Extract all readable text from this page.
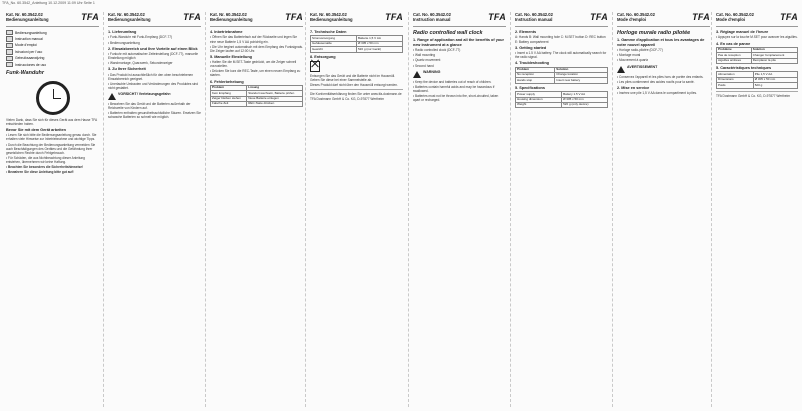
TFA_No. 60.3542_Anleitung 10.12.2009 11:09 Uhr Seite 1
Kat. Nr. 60.3542.02
Bedienungsanleitung	TFA
Bedienungsanleitung
Instruction manual
Mode d'emploi
Istruzioni per l'uso
Gebruiksaanwijzing
Instrucciones de uso
Funk-Wanduhr
Vielen Dank, dass Sie sich für dieses Gerät aus dem Hause TFA entschieden haben.
Bevor Sie mit dem Gerät arbeiten
• Lesen Sie sich bitte die Bedienungsanleitung genau durch. Sie erhalten viele Hinweise zur Inbetriebnahme und wichtige Tipps.
• Durch die Beachtung der Bedienungsanleitung vermeiden Sie auch Beschädigungen des Gerätes und die Gefährdung Ihrer gesetzlichen Rechte durch Fehlgebrauch.
• Für Schäden, die aus Nichtbeachtung dieser Anleitung entstehen, übernehmen wir keine Haftung.
• Beachten Sie besonders die Sicherheitshinweise!
• Bewahren Sie diese Anleitung bitte gut auf!
Kat. Nr. 60.3542.02
Bedienungsanleitung	TFA
1. Lieferumfang
• Funk-Wanduhr mit Funk-Empfang (DCF-77)
• Bedienungsanleitung
2. Einsatzbereich und Ihre Vorteile auf einen Blick
• Funkuhr mit automatischer Zeiteinstellung (DCF-77), manuelle Einstellung möglich
• Wandmontage, Quarzwerk, Sekundenzeiger
3. Zu Ihrer Sicherheit
• Das Produkt ist ausschließlich für den oben beschriebenen Einsatzbereich geeignet.
• Unerlaubte Umbauten und Veränderungen des Produktes sind nicht gestattet.
VORSICHT! Verletzungsgefahr:
• Bewahren Sie das Gerät und die Batterien außerhalb der Reichweite von Kindern auf.
• Batterien enthalten gesundheitsschädliche Säuren. Ersetzen Sie schwache Batterien so schnell wie möglich.
Kat. Nr. 60.3542.02
Bedienungsanleitung	TFA
4. Inbetriebnahme
• Öffnen Sie das Batteriefach auf der Rückseite und legen Sie eine neue Batterie 1,5 V AA polrichtig ein.
• Die Uhr beginnt automatisch mit dem Empfang des Funksignals. Die Zeiger laufen auf 12:00 Uhr.
5. Manuelle Einstellung
• Halten Sie die M.SET-Taste gedrückt, um die Zeiger schnell vorzustellen.
• Drücken Sie kurz die REC-Taste, um einen neuen Empfang zu starten.
6. Fehlerbehebung
Problem	Lösung
Kein Empfang	Standort wechseln, Batterie prüfen
Zeiger bleiben stehen	Neue Batterie einlegen
Falsche Zeit	REC-Taste drücken
Kat. Nr. 60.3542.02
Bedienungsanleitung	TFA
7. Technische Daten
Stromversorgung	Batterie 1,5 V AA
Gehäusemaße	Ø 305 x 50 mm
Gewicht	520 g (nur Gerät)
8. Entsorgung
Entsorgen Sie das Gerät und die Batterie nicht im Hausmüll. Geben Sie diese bei einer Sammelstelle ab.
Dieses Produkt darf nicht über den Hausmüll entsorgt werden.
Die Konformitätserklärung finden Sie unter www.tfa-dostmann.de
TFA Dostmann GmbH & Co. KG, D-97877 Wertheim
Cat. No. 60.3542.02
Instruction manual	TFA
Radio controlled wall clock
1. Range of application and all the benefits of your new instrument at a glance
• Radio controlled clock (DCF-77)
• Wall mounting
• Quartz movement
• Second hand
WARNING
• Keep the device and batteries out of reach of children.
• Batteries contain harmful acids and may be hazardous if swallowed.
• Batteries must not be thrown into fire, short-circuited, taken apart or recharged.
Cat. No. 60.3542.02
Instruction manual	TFA
2. Elements
A: Hands B: Wall mounting hole C: M.SET button D: REC button E: Battery compartment
3. Getting started
• Insert a 1.5 V AA battery. The clock will automatically search for the radio signal.
4. Troubleshooting
Problem	Solution
No reception	Change location
Hands stop	Insert new battery
5. Specifications
Power supply	Battery 1.5 V AA
Housing dimension	Ø 305 x 50 mm
Weight	520 g (only device)
Cat. No. 60.3542.02
Mode d'emploi	TFA
Horloge murale radio pilotée
1. Gamme d'application et tous les avantages de votre nouvel appareil
• Horloge radio-pilotée (DCF-77)
• Montage mural
• Mouvement à quartz
AVERTISSEMENT
• Conservez l'appareil et les piles hors de portée des enfants.
• Les piles contiennent des acides nocifs pour la santé.
2. Mise en service
• Insérez une pile 1,5 V AA dans le compartiment à piles.
Cat. No. 60.3542.02
Mode d'emploi	TFA
3. Réglage manuel de l'heure
• Appuyez sur la touche M.SET pour avancer les aiguilles.
4. En cas de panne
Problème	Solution
Pas de réception	Changer l'emplacement
Aiguilles arrêtées	Remplacer la pile
5. Caractéristiques techniques
Alimentation	Pile 1,5 V AA
Dimensions	Ø 305 x 50 mm
Poids	520 g
TFA Dostmann GmbH & Co. KG, D-97877 Wertheim
